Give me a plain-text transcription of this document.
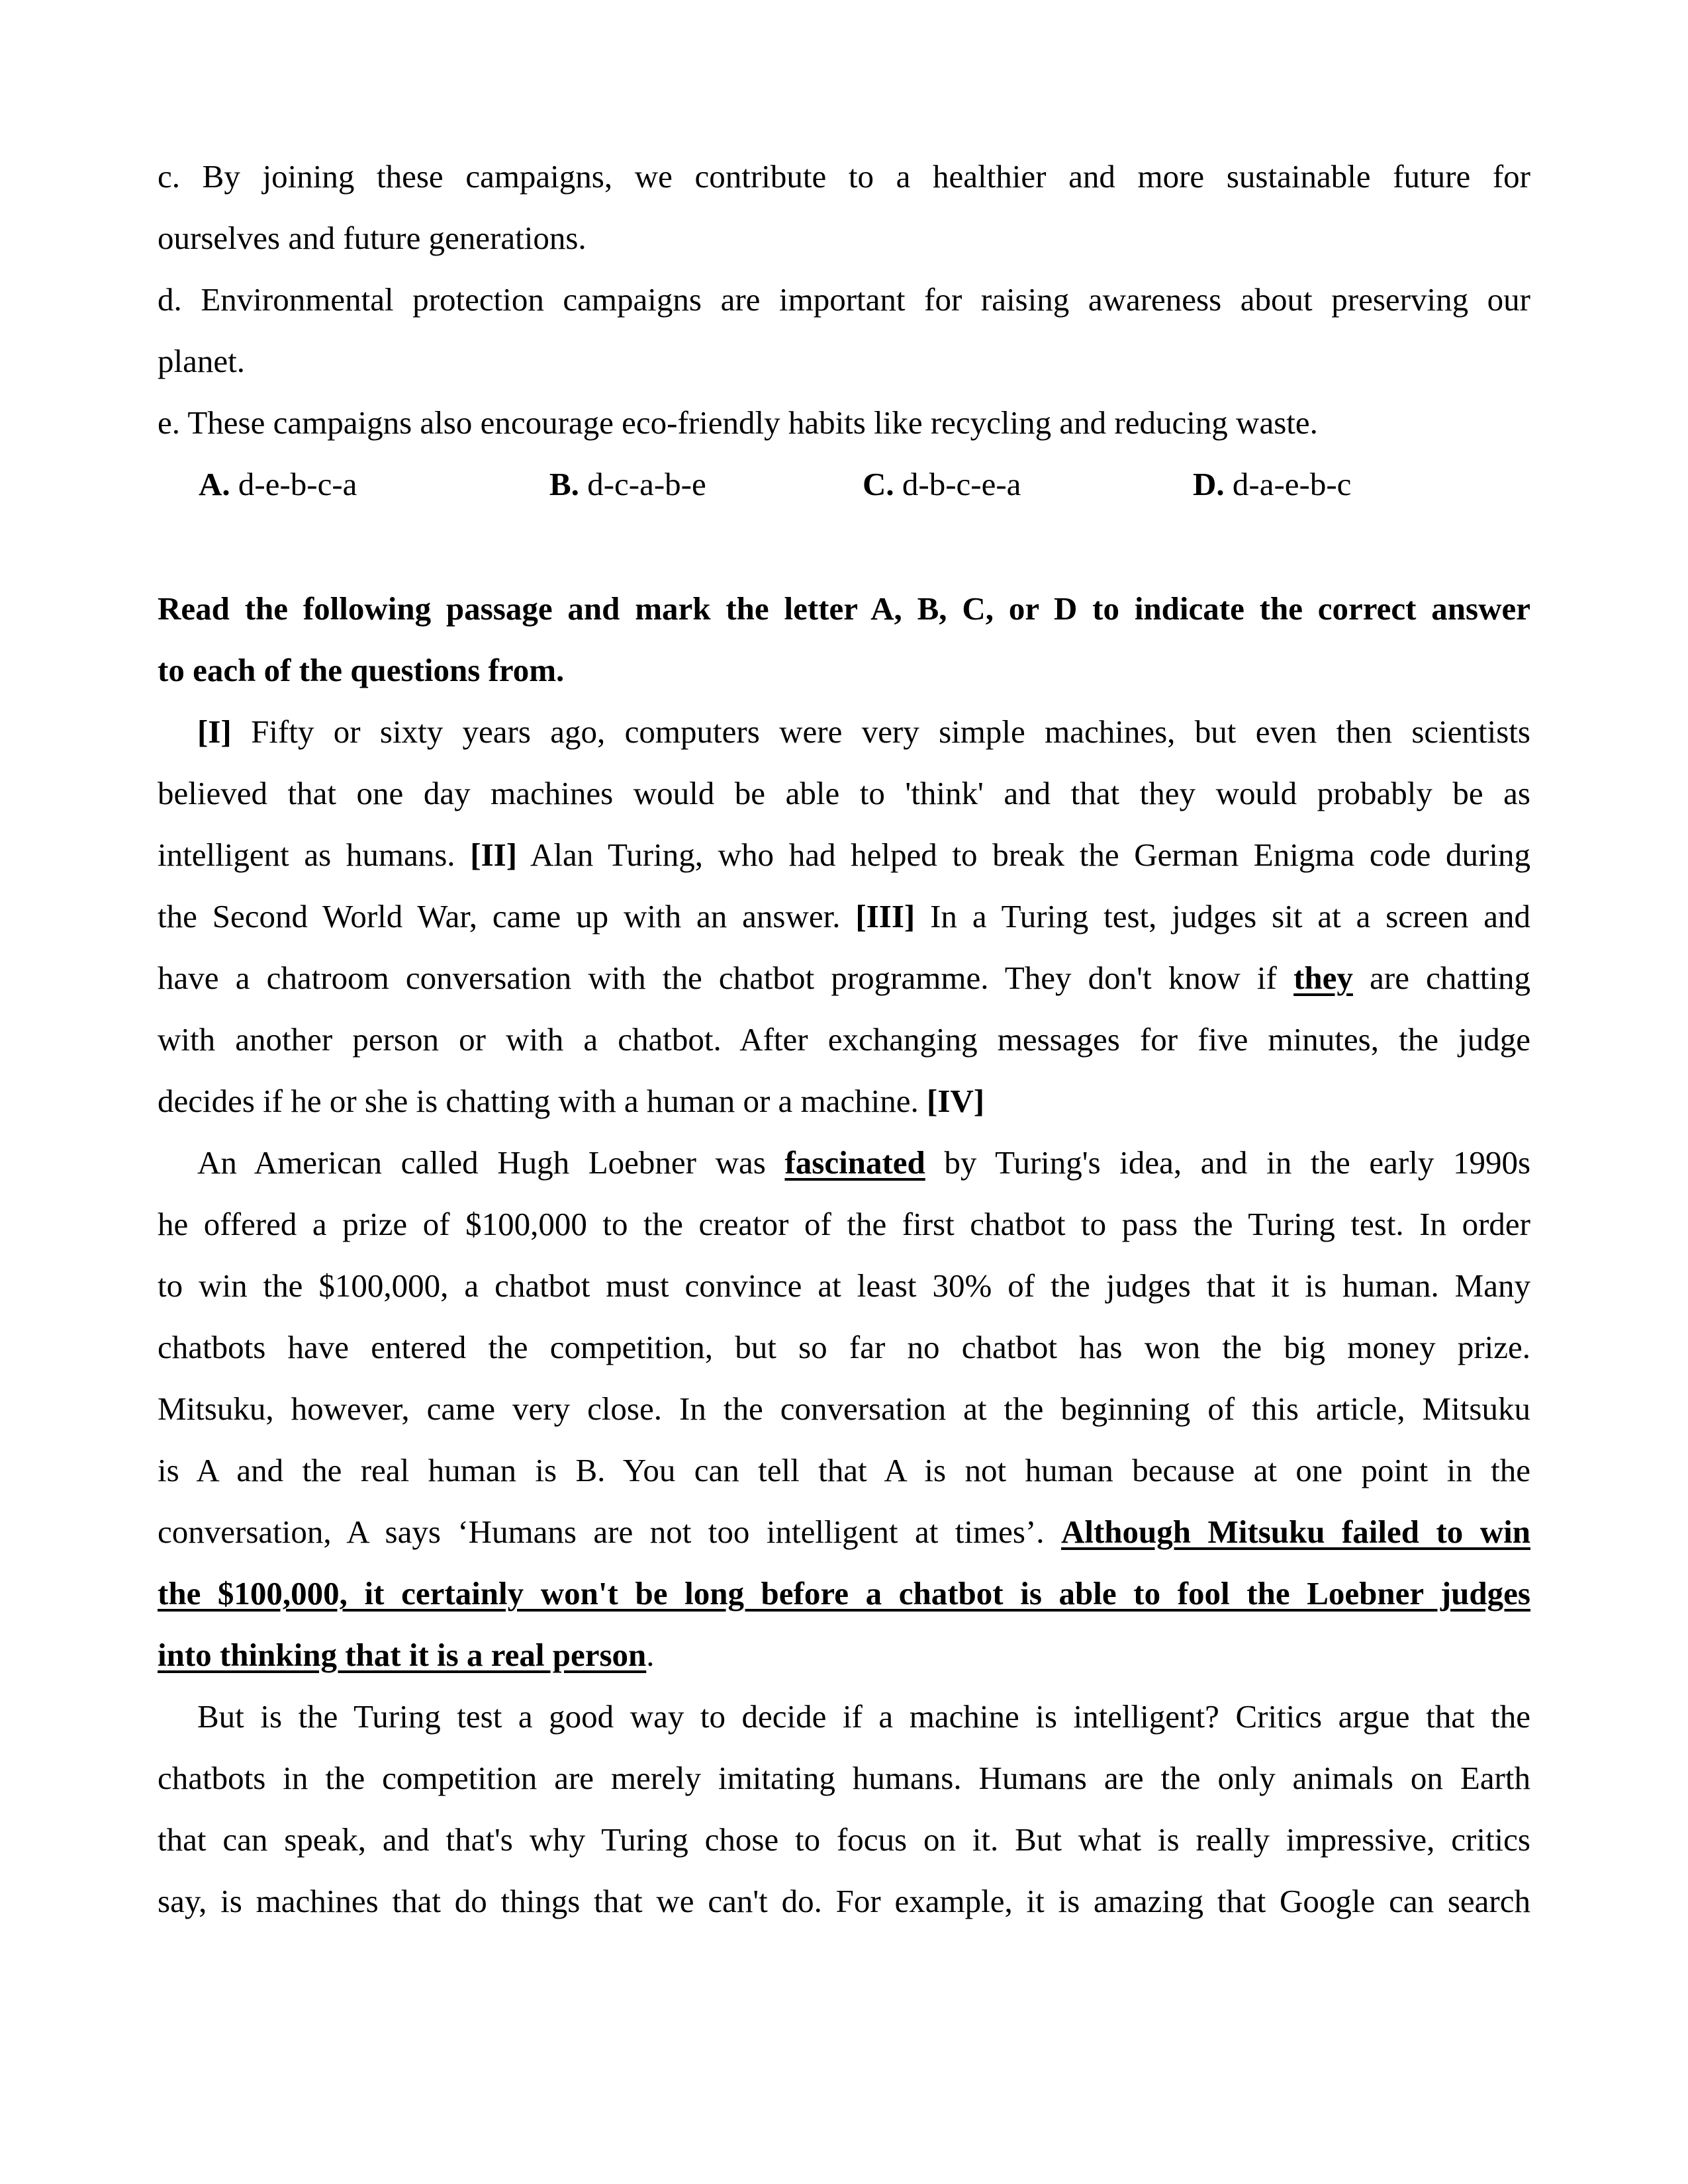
c. By joining these campaigns, we contribute to a healthier and more sustainable future for
ourselves and future generations.
d. Environmental protection campaigns are important for raising awareness about preserving our
planet.
e. These campaigns also encourage eco-friendly habits like recycling and reducing waste.
A. d-e-b-c-a	B. d-c-a-b-e	C. d-b-c-e-a	D. d-a-e-b-c
Read the following passage and mark the letter A, B, C, or D to indicate the correct answer
to each of the questions from.
[I] Fifty or sixty years ago, computers were very simple machines, but even then scientists
believed that one day machines would be able to 'think' and that they would probably be as
intelligent as humans. [II] Alan Turing, who had helped to break the German Enigma code during
the Second World War, came up with an answer. [III] In a Turing test, judges sit at a screen and
have a chatroom conversation with the chatbot programme. They don't know if they are chatting
with another person or with a chatbot. After exchanging messages for five minutes, the judge
decides if he or she is chatting with a human or a machine. [IV]
An American called Hugh Loebner was fascinated by Turing's idea, and in the early 1990s
he offered a prize of $100,000 to the creator of the first chatbot to pass the Turing test. In order
to win the $100,000, a chatbot must convince at least 30% of the judges that it is human. Many
chatbots have entered the competition, but so far no chatbot has won the big money prize.
Mitsuku, however, came very close. In the conversation at the beginning of this article, Mitsuku
is A and the real human is B. You can tell that A is not human because at one point in the
conversation, A says ‘Humans are not too intelligent at times’. Although Mitsuku failed to win
the $100,000, it certainly won't be long before a chatbot is able to fool the Loebner judges
into thinking that it is a real person.
But is the Turing test a good way to decide if a machine is intelligent? Critics argue that the
chatbots in the competition are merely imitating humans. Humans are the only animals on Earth
that can speak, and that's why Turing chose to focus on it. But what is really impressive, critics
say, is machines that do things that we can't do. For example, it is amazing that Google can search
